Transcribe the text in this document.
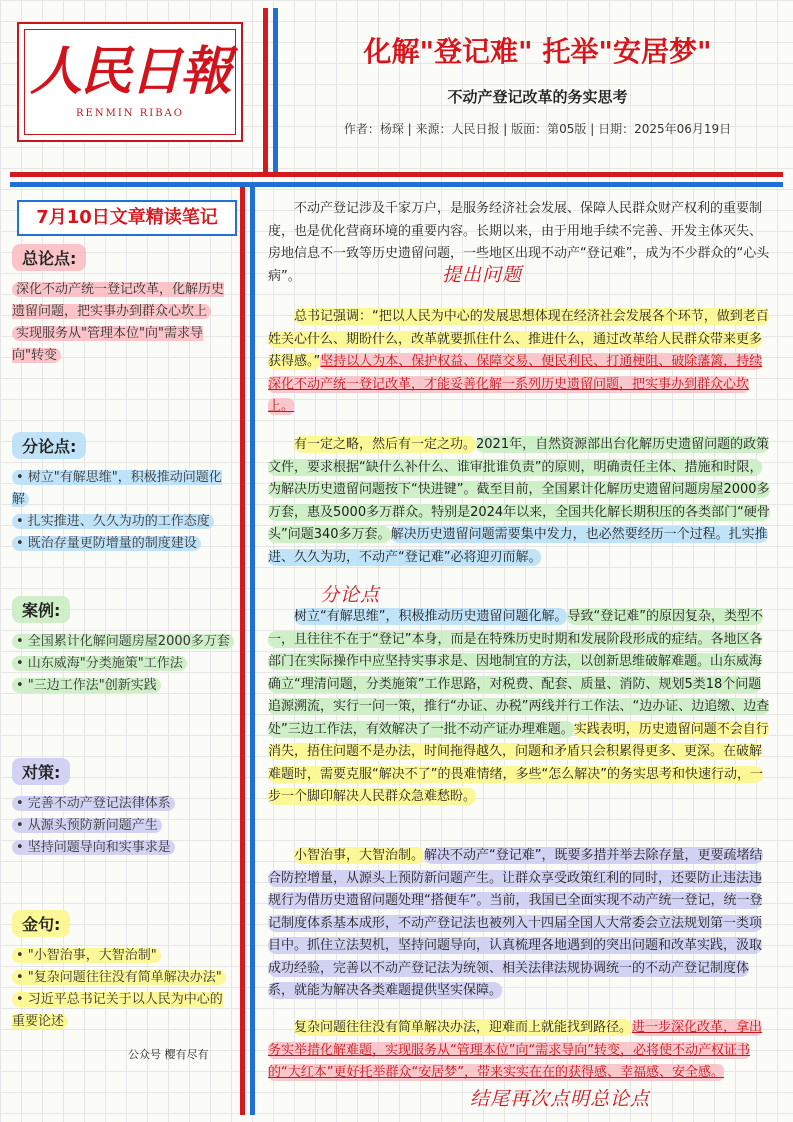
人民日報
RENMIN RIBAO
化解"登记难" 托举"安居梦"
不动产登记改革的务实思考
作者：杨琛 | 来源：人民日报 | 版面：第05版 | 日期：2025年06月19日
7月10日文章精读笔记
总论点:
深化不动产统一登记改革，化解历史遗留问题，把实事办到群众心坎上
实现服务从"管理本位"向"需求导向"转变
分论点:
• 树立"有解思维"，积极推动问题化解
• 扎实推进、久久为功的工作态度
• 既治存量更防增量的制度建设
案例:
• 全国累计化解问题房屋2000多万套
• 山东威海"分类施策"工作法
• "三边工作法"创新实践
对策:
• 完善不动产登记法律体系
• 从源头预防新问题产生
• 坚持问题导向和实事求是
金句:
• "小智治事，大智治制"
• "复杂问题往往没有简单解决办法"
• 习近平总书记关于以人民为中心的重要论述
公众号 樱有尽有
不动产登记涉及千家万户，是服务经济社会发展、保障人民群众财产权利的重要制度，也是优化营商环境的重要内容。长期以来，由于用地手续不完善、开发主体灭失、房地信息不一致等历史遗留问题，一些地区出现不动产“登记难”，成为不少群众的“心头病”。	提出问题
总书记强调：“把以人民为中心的发展思想体现在经济社会发展各个环节，做到老百姓关心什么、期盼什么，改革就要抓住什么、推进什么，通过改革给人民群众带来更多获得感。”坚持以人为本、保护权益、保障交易、便民利民、打通梗阻、破除藩篱，持续深化不动产统一登记改革，才能妥善化解一系列历史遗留问题，把实事办到群众心坎上。
有一定之略，然后有一定之功。2021年，自然资源部出台化解历史遗留问题的政策文件，要求根据“缺什么补什么、谁审批谁负责”的原则，明确责任主体、措施和时限，为解决历史遗留问题按下“快进键”。截至目前，全国累计化解历史遗留问题房屋2000多万套，惠及5000多万群众。特别是2024年以来，全国共化解长期积压的各类部门“硬骨头”问题340多万套。解决历史遗留问题需要集中发力，也必然要经历一个过程。扎实推进、久久为功，不动产“登记难”必将迎刃而解。
分论点
树立“有解思维”，积极推动历史遗留问题化解。导致“登记难”的原因复杂，类型不一，且往往不在于“登记”本身，而是在特殊历史时期和发展阶段形成的症结。各地区各部门在实际操作中应坚持实事求是、因地制宜的方法，以创新思维破解难题。山东威海确立“理清问题，分类施策”工作思路，对税费、配套、质量、消防、规划5类18个问题追源溯流，实行一问一策，推行“办证、办税”两线并行工作法、“边办证、边追缴、边查处”三边工作法，有效解决了一批不动产证办理难题。实践表明，历史遗留问题不会自行消失，捂住问题不是办法，时间拖得越久，问题和矛盾只会积累得更多、更深。在破解难题时，需要克服“解决不了”的畏难情绪，多些“怎么解决”的务实思考和快速行动，一步一个脚印解决人民群众急难愁盼。
小智治事，大智治制。解决不动产“登记难”，既要多措并举去除存量，更要疏堵结合防控增量，从源头上预防新问题产生。让群众享受政策红利的同时，还要防止违法违规行为借历史遗留问题处理“搭便车”。当前，我国已全面实现不动产统一登记，统一登记制度体系基本成形，不动产登记法也被列入十四届全国人大常委会立法规划第一类项目中。抓住立法契机，坚持问题导向，认真梳理各地遇到的突出问题和改革实践，汲取成功经验，完善以不动产登记法为统领、相关法律法规协调统一的不动产登记制度体系，就能为解决各类难题提供坚实保障。
复杂问题往往没有简单解决办法，迎难而上就能找到路径。进一步深化改革，拿出务实举措化解难题，实现服务从“管理本位”向“需求导向”转变，必将使不动产权证书的“大红本”更好托举群众“安居梦”，带来实实在在的获得感、幸福感、安全感。
结尾再次点明总论点
